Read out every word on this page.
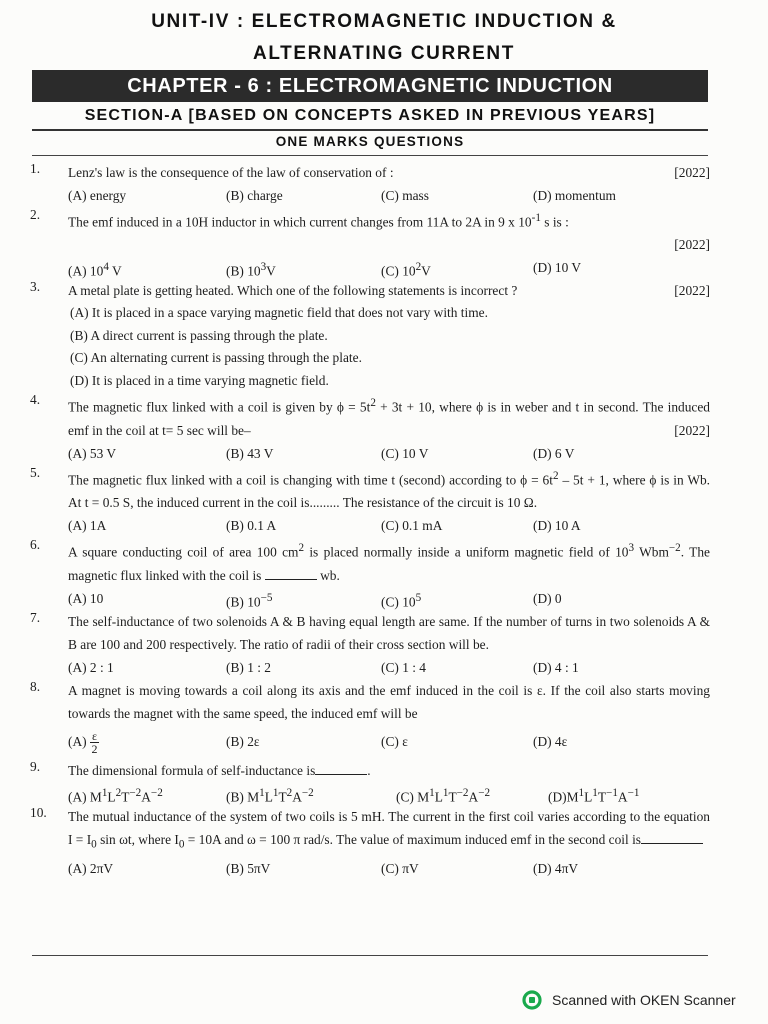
UNIT-IV : ELECTROMAGNETIC INDUCTION &
ALTERNATING CURRENT
CHAPTER - 6 : ELECTROMAGNETIC INDUCTION
SECTION-A [BASED ON CONCEPTS ASKED IN PREVIOUS YEARS]
ONE MARKS QUESTIONS
1.	[2022]
Lenz's law is the consequence of the law of conservation of :
(A) energy	(B) charge	(C) mass	(D) momentum
2.	The emf induced in a 10H inductor in which current changes from 11A to 2A in 9 x $10^{-1}$ s is :
[2022]
(A) $10^4$ V	(B) $10^3V$	(C) $10^2V$	(D) 10 V
3.	[2022]
A metal plate is getting heated. Which one of the following statements is incorrect ?
(A) It is placed in a space varying magnetic field that does not vary with time.
(B) A direct current is passing through the plate.
(C) An alternating current is passing through the plate.
(D) It is placed in a time varying magnetic field.
4.	The magnetic flux linked with a coil is given by $\phi = 5t^2 + 3t + 10$, where ϕ is in weber and t in second. The induced emf in the coil at t= 5 sec will be–	[2022]
(A) 53 V	(B) 43 V	(C) 10 V	(D) 6 V
5.	The magnetic flux linked with a coil is changing with time t (second) according to $\phi = 6t^2 - 5t + 1$, where ϕ is in Wb. At t = 0.5 S, the induced current in the coil is......... The resistance of the circuit is 10 Ω.
(A) 1A	(B) 0.1 A	(C) 0.1 mA	(D) 10 A
6.	A square conducting coil of area 100 $cm^2$ is placed normally inside a uniform magnetic field of $10^3$ Wbm$^{-2}$. The magnetic flux linked with the coil is	wb.
(A) 10	(B) $10^{-5}$	(C) $10^5$	(D) 0
7.	The self-inductance of two solenoids A & B having equal length are same. If the number of turns in two solenoids A & B are 100 and 200 respectively. The ratio of radii of their cross section will be.
(A) 2 : 1	(B) 1 : 2	(C) 1 : 4	(D) 4 : 1
8.	A magnet is moving towards a coil along its axis and the emf induced in the coil is ε. If the coil also starts moving towards the magnet with the same speed, the induced emf will be
$(A) \frac{\varepsilon}{2}$	(B) 2ε	(C) ε	(D) 4ε
9.	The dimensional formula of self-inductance is	.
(A) $M^1L^2T^{-2}A^{-2}$	(B) $M^1L^1T^2A^{-2}$	(C) $M^1L^1T^{-2}A^{-2}$	$(D)M^1L^1T^{-1}A^{-1}$
10.	The mutual inductance of the system of two coils is 5 mH. The current in the first coil varies according to the equation $I = I_0$ sin ωt, where $I_0 = 10A$ and ω = 100 π rad/s. The value of maximum induced emf in the second coil is
(A) 2πV	(B) 5πV	(C) πV	(D) 4πV
Scanned with OKEN Scanner
